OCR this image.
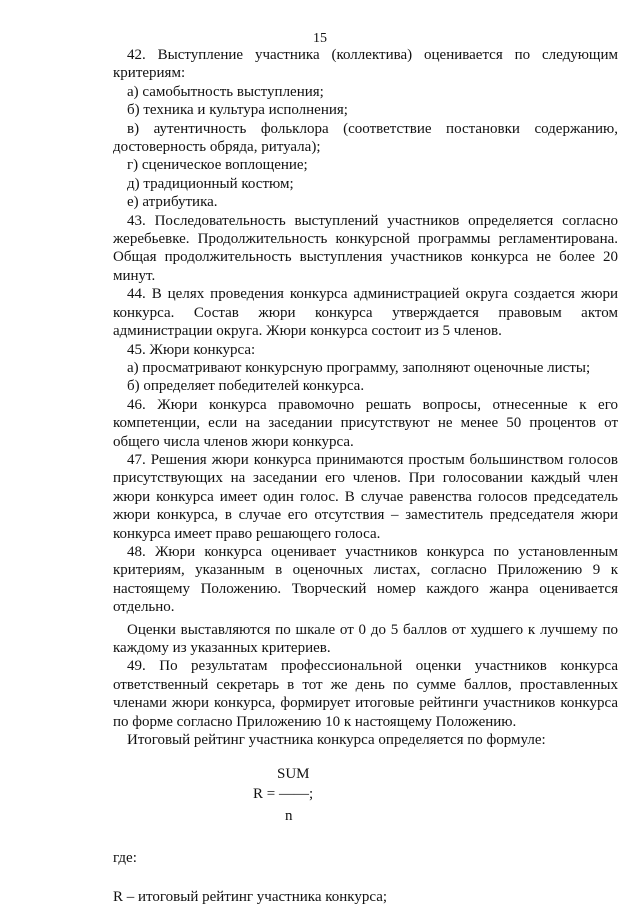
15

42. Выступление участника (коллектива) оценивается по следующим критериям:

а) самобытность выступления;

б) техника и культура исполнения;

в) аутентичность фольклора (соответствие постановки содержанию, достоверность обряда, ритуала);

г) сценическое воплощение;

д) традиционный костюм;

е) атрибутика.

43. Последовательность выступлений участников определяется согласно жеребьевке. Продолжительность конкурсной программы регламентирована. Общая продолжительность выступления участников конкурса не более 20 минут.

44. В целях проведения конкурса администрацией округа создается жюри конкурса. Состав жюри конкурса утверждается правовым актом администрации округа. Жюри конкурса состоит из 5 членов.

45. Жюри конкурса:

а) просматривают конкурсную программу, заполняют оценочные листы;

б) определяет победителей конкурса.

46. Жюри конкурса правомочно решать вопросы, отнесенные к его компетенции, если на заседании присутствуют не менее 50 процентов от общего числа членов жюри конкурса.

47. Решения жюри конкурса принимаются простым большинством голосов присутствующих на заседании его членов. При голосовании каждый член жюри конкурса имеет один голос. В случае равенства голосов председатель жюри конкурса, в случае его отсутствия – заместитель председателя жюри конкурса имеет право решающего голоса.

48. Жюри конкурса оценивает участников конкурса по установленным критериям, указанным в оценочных листах, согласно Приложению 9 к настоящему Положению. Творческий номер каждого жанра оценивается отдельно.

Оценки выставляются по шкале от 0 до 5 баллов от худшего к лучшему по каждому из указанных критериев.

49. По результатам профессиональной оценки участников конкурса ответственный секретарь в тот же день по сумме баллов, проставленных членами жюри конкурса, формирует итоговые рейтинги участников конкурса по форме согласно Приложению 10 к настоящему Положению.

Итоговый рейтинг участника конкурса определяется по формуле:

SUM
R = ——;
n

где:

R – итоговый рейтинг участника конкурса;
